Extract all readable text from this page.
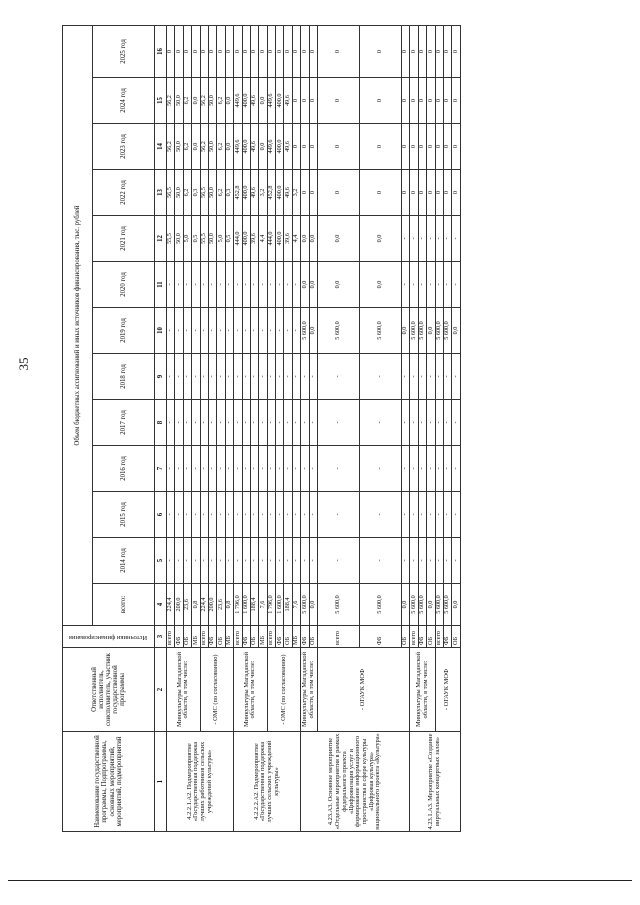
35
Наименование государственной программы, Подпрограммы, основных мероприятий, мероприятий, подмероприятий	Ответственный исполнитель, соисполнитель, участник государственной программы	Источники финансирования	Объем бюджетных ассигнований и иных источников финансирования, тыс. рублей												
			всего:	2014 год	2015 год	2016 год	2017 год	2018 год	2019 год	2020 год	2021 год	2022 год	2023 год	2024 год	2025 год
1	2	3	4	5	6	7	8	9	10	11	12	13	14	15	16
4.2.2.1.А2. Подмероприятие «Государственная поддержка лучших работников сельских учреждений культуры»	Минкультуры Магаданской области, в том числе:	всего	224,4	-	-	-	-	-	-	-	55,5	56,5	56,2	56,2	0
		ФБ	200,0	-	-	-	-	-	-	-	50,0	50,0	50,0	50,0	0
		ОБ	23,6	-	-	-	-	-	-	-	5,0	6,2	6,2	6,2	0
		МБ	0,8	-	-	-	-	-	-	-	0,5	0,3	0,0	0,0	0
	- ОМС (по согласованию)	всего	224,4	-	-	-	-	-	-	-	55,5	56,5	56,2	56,2	0
		ФБ	200,0	-	-	-	-	-	-	-	50,0	50,0	50,0	50,0	0
		ОБ	23,6	-	-	-	-	-	-	-	5,0	6,2	6,2	6,2	0
		МБ	0,8	-	-	-	-	-	-	-	0,5	0,3	0,0	0,0	0
4.2.2.2.А2. Подмероприятие «Государственная поддержка лучших сельских учреждений культуры»	Минкультуры Магаданской области, в том числе:	всего	1 796,0	-	-	-	-	-	-	-	444,0	452,8	449,6	449,6	0
		ФБ	1 600,0	-	-	-	-	-	-	-	400,0	400,0	400,0	400,0	0
		ОБ	188,4	-	-	-	-	-	-	-	39,6	49,6	49,6	49,6	0
		МБ	7,6	-	-	-	-	-	-	-	4,4	3,2	0,0	0,0	0
	- ОМС (по согласованию)	всего	1 796,0	-	-	-	-	-	-	-	444,0	452,8	449,6	449,6	0
		ФБ	1 600,0	-	-	-	-	-	-	-	400,0	400,0	400,0	400,0	0
		ОБ	188,4	-	-	-	-	-	-	-	39,6	49,6	49,6	49,6	0
		МБ	7,6	-	-	-	-	-	-	-	4,4	3,2	0	0	0
4.23.А3. Основное мероприятие «Отдельные мероприятия в рамках федерального проекта «Цифровизация услуг и формирование информационного пространства в сфере культуры «Цифровая культура» национального проекта «Культура»	Минкультуры Магаданской области, в том числе:	ФБ	5 600,0	-	-	-	-	-	5 600,0	0,0	0,0	0	0	0	0
		ОБ	0,0	-	-	-	-	-	0,0	0,0	0,0	0	0	0	0
	- ОГАУК МОФ	всего	5 600,0	-	-	-	-	-	5 600,0	0,0	0,0	0	0	0	0
		ФБ	5 600,0	-	-	-	-	-	5 600,0	0,0	0,0	0	0	0	0
		ОБ	0,0	-	-	-	-	-	0,0	-	-	0	0	0	0
4.23.1.А3. Мероприятие «Создание виртуальных концертных залов»	Минкультуры Магаданской области, в том числе:	всего	5 600,0	-	-	-	-	-	5 600,0	-	-	0	0	0	0
		ФБ	5 600,0	-	-	-	-	-	5 600,0	-	-	0	0	0	0
		ОБ	0,0	-	-	-	-	-	0,0	-	-	0	0	0	0
	- ОГАУК МОФ	всего	5 600,0	-	-	-	-	-	5 600,0	-	-	0	0	0	0
		ФБ	5 600,0	-	-	-	-	-	5 600,0	-	-	0	0	0	0
		ОБ	0,0	-	-	-	-	-	0,0	-	-	0	0	0	0
